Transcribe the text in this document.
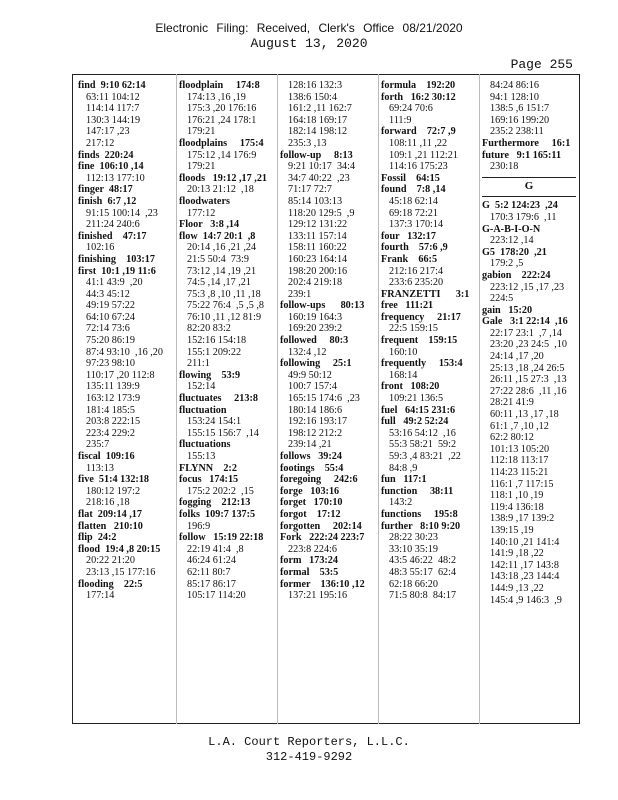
Electronic Filing: Received, Clerk's Office 08/21/2020
August 13, 2020
Page 255
find  9:10 62:14
63:11 104:12
114:14 117:7
130:3 144:19
147:17 ,23
217:12
finds  220:24
fine  106:10 ,14
112:13 177:10
finger  48:17
finish  6:7 ,12
91:15 100:14  ,23
211:24 240:6
finished    47:17
102:16
finishing    103:17
first  10:1 ,19 11:6
41:1 43:9  ,20
44:3 45:12
49:19 57:22
64:10 67:24
72:14 73:6
75:20 86:19
87:4 93:10  ,16 ,20
97:23 98:10
110:17 ,20 112:8
135:11 139:9
163:12 173:9
181:4 185:5
203:8 222:15
223:4 229:2
235:7
fiscal  109:16
113:13
five  51:4 132:18
180:12 197:2
218:16 ,18
flat  209:14 ,17
flatten   210:10
flip  24:2
flood  19:4 ,8 20:15
20:22 21:20
23:13 ,15 177:16
flooding    22:5
177:14
floodplain     174:8
174:13 ,16 ,19
175:3 ,20 176:16
176:21 ,24 178:1
179:21
floodplains     175:4
175:12 ,14 176:9
179:21
floods   19:12 ,17 ,21
20:13 21:12  ,18
floodwaters
177:12
Floor   3:8 ,14
flow  14:7 20:1  ,8
20:14 ,16 ,21 ,24
21:5 50:4  73:9
73:12 ,14 ,19 ,21
74:5 ,14 ,17 ,21
75:3 ,8 ,10 ,11 ,18
75:22 76:4  ,5 ,5 ,8
76:10 ,11 ,12 81:9
82:20 83:2
152:16 154:18
155:1 209:22
211:1
flowing    53:9
152:14
fluctuates     213:8
fluctuation
153:24 154:1
155:15 156:7  ,14
fluctuations
155:13
FLYNN    2:2
focus   174:15
175:2 202:2  ,15
fogging    212:13
folks  109:7 137:5
196:9
follow   15:19 22:18
22:19 41:4  ,8
46:24 61:24
62:11 80:7
85:17 86:17
105:17 114:20
128:16 132:3
138:6 150:4
161:2 ,11 162:7
164:18 169:17
182:14 198:12
235:3 ,13
follow-up     8:13
9:21 10:17  34:4
34:7 40:22  ,23
71:17 72:7
85:14 103:13
118:20 129:5  ,9
129:12 131:22
133:11 157:14
158:11 160:22
160:23 164:14
198:20 200:16
202:4 219:18
239:1
follow-ups      80:13
160:19 164:3
169:20 239:2
followed     80:3
132:4 ,12
following     25:1
49:9 50:12
100:7 157:4
165:15 174:6  ,23
180:14 186:6
192:16 193:17
198:12 212:2
239:14 ,21
follows   39:24
footings    55:4
foregoing     242:6
forge   103:16
forget   170:10
forgot    17:12
forgotten     202:14
Fork   222:24 223:7
223:8 224:6
form   173:24
formal    53:5
former    136:10 ,12
137:21 195:16
formula    192:20
forth   16:2 30:12
69:24 70:6
111:9
forward    72:7 ,9
108:11 ,11 ,22
109:1 ,21 112:21
114:16 175:23
Fossil    64:15
found    7:8 ,14
45:18 62:14
69:18 72:21
137:3 170:14
four   132:17
fourth    57:6 ,9
Frank    66:5
212:16 217:4
233:6 235:20
FRANZETTI      3:1
free   111:21
frequency     21:17
22:5 159:15
frequent    159:15
160:10
frequently     153:4
168:14
front   108:20
109:21 136:5
fuel   64:15 231:6
full   49:2 52:24
53:16 54:12  ,16
55:3 58:21  59:2
59:3 ,4 83:21  ,22
84:8 ,9
fun   117:1
function     38:11
143:2
functions     195:8
further   8:10 9:20
28:22 30:23
33:10 35:19
43:5 46:22  48:2
48:3 55:17  62:4
62:18 66:20
71:5 80:8  84:17
84:24 86:16
94:1 128:10
138:5 ,6 151:7
169:16 199:20
235:2 238:11
Furthermore     16:1
future   9:1 165:11
230:18
G
G  5:2 124:23  ,24
170:3 179:6  ,11
G-A-B-I-O-N
223:12 ,14
G5  178:20  ,21
179:2 ,5
gabion    222:24
223:12 ,15 ,17 ,23
224:5
gain   15:20
Gale   3:1 22:14  ,16
22:17 23:1  ,7 ,14
23:20 ,23 24:5  ,10
24:14 ,17 ,20
25:13 ,18 ,24 26:5
26:11 ,15 27:3  ,13
27:22 28:6  ,11 ,16
28:21 41:9
60:11 ,13 ,17 ,18
61:1 ,7 ,10 ,12
62:2 80:12
101:13 105:20
112:18 113:17
114:23 115:21
116:1 ,7 117:15
118:1 ,10 ,19
119:4 136:18
138:9 ,17 139:2
139:15 ,19
140:10 ,21 141:4
141:9 ,18 ,22
142:11 ,17 143:8
143:18 ,23 144:4
144:9 ,13 ,22
145:4 ,9 146:3  ,9
L.A. Court Reporters, L.L.C.
312-419-9292
